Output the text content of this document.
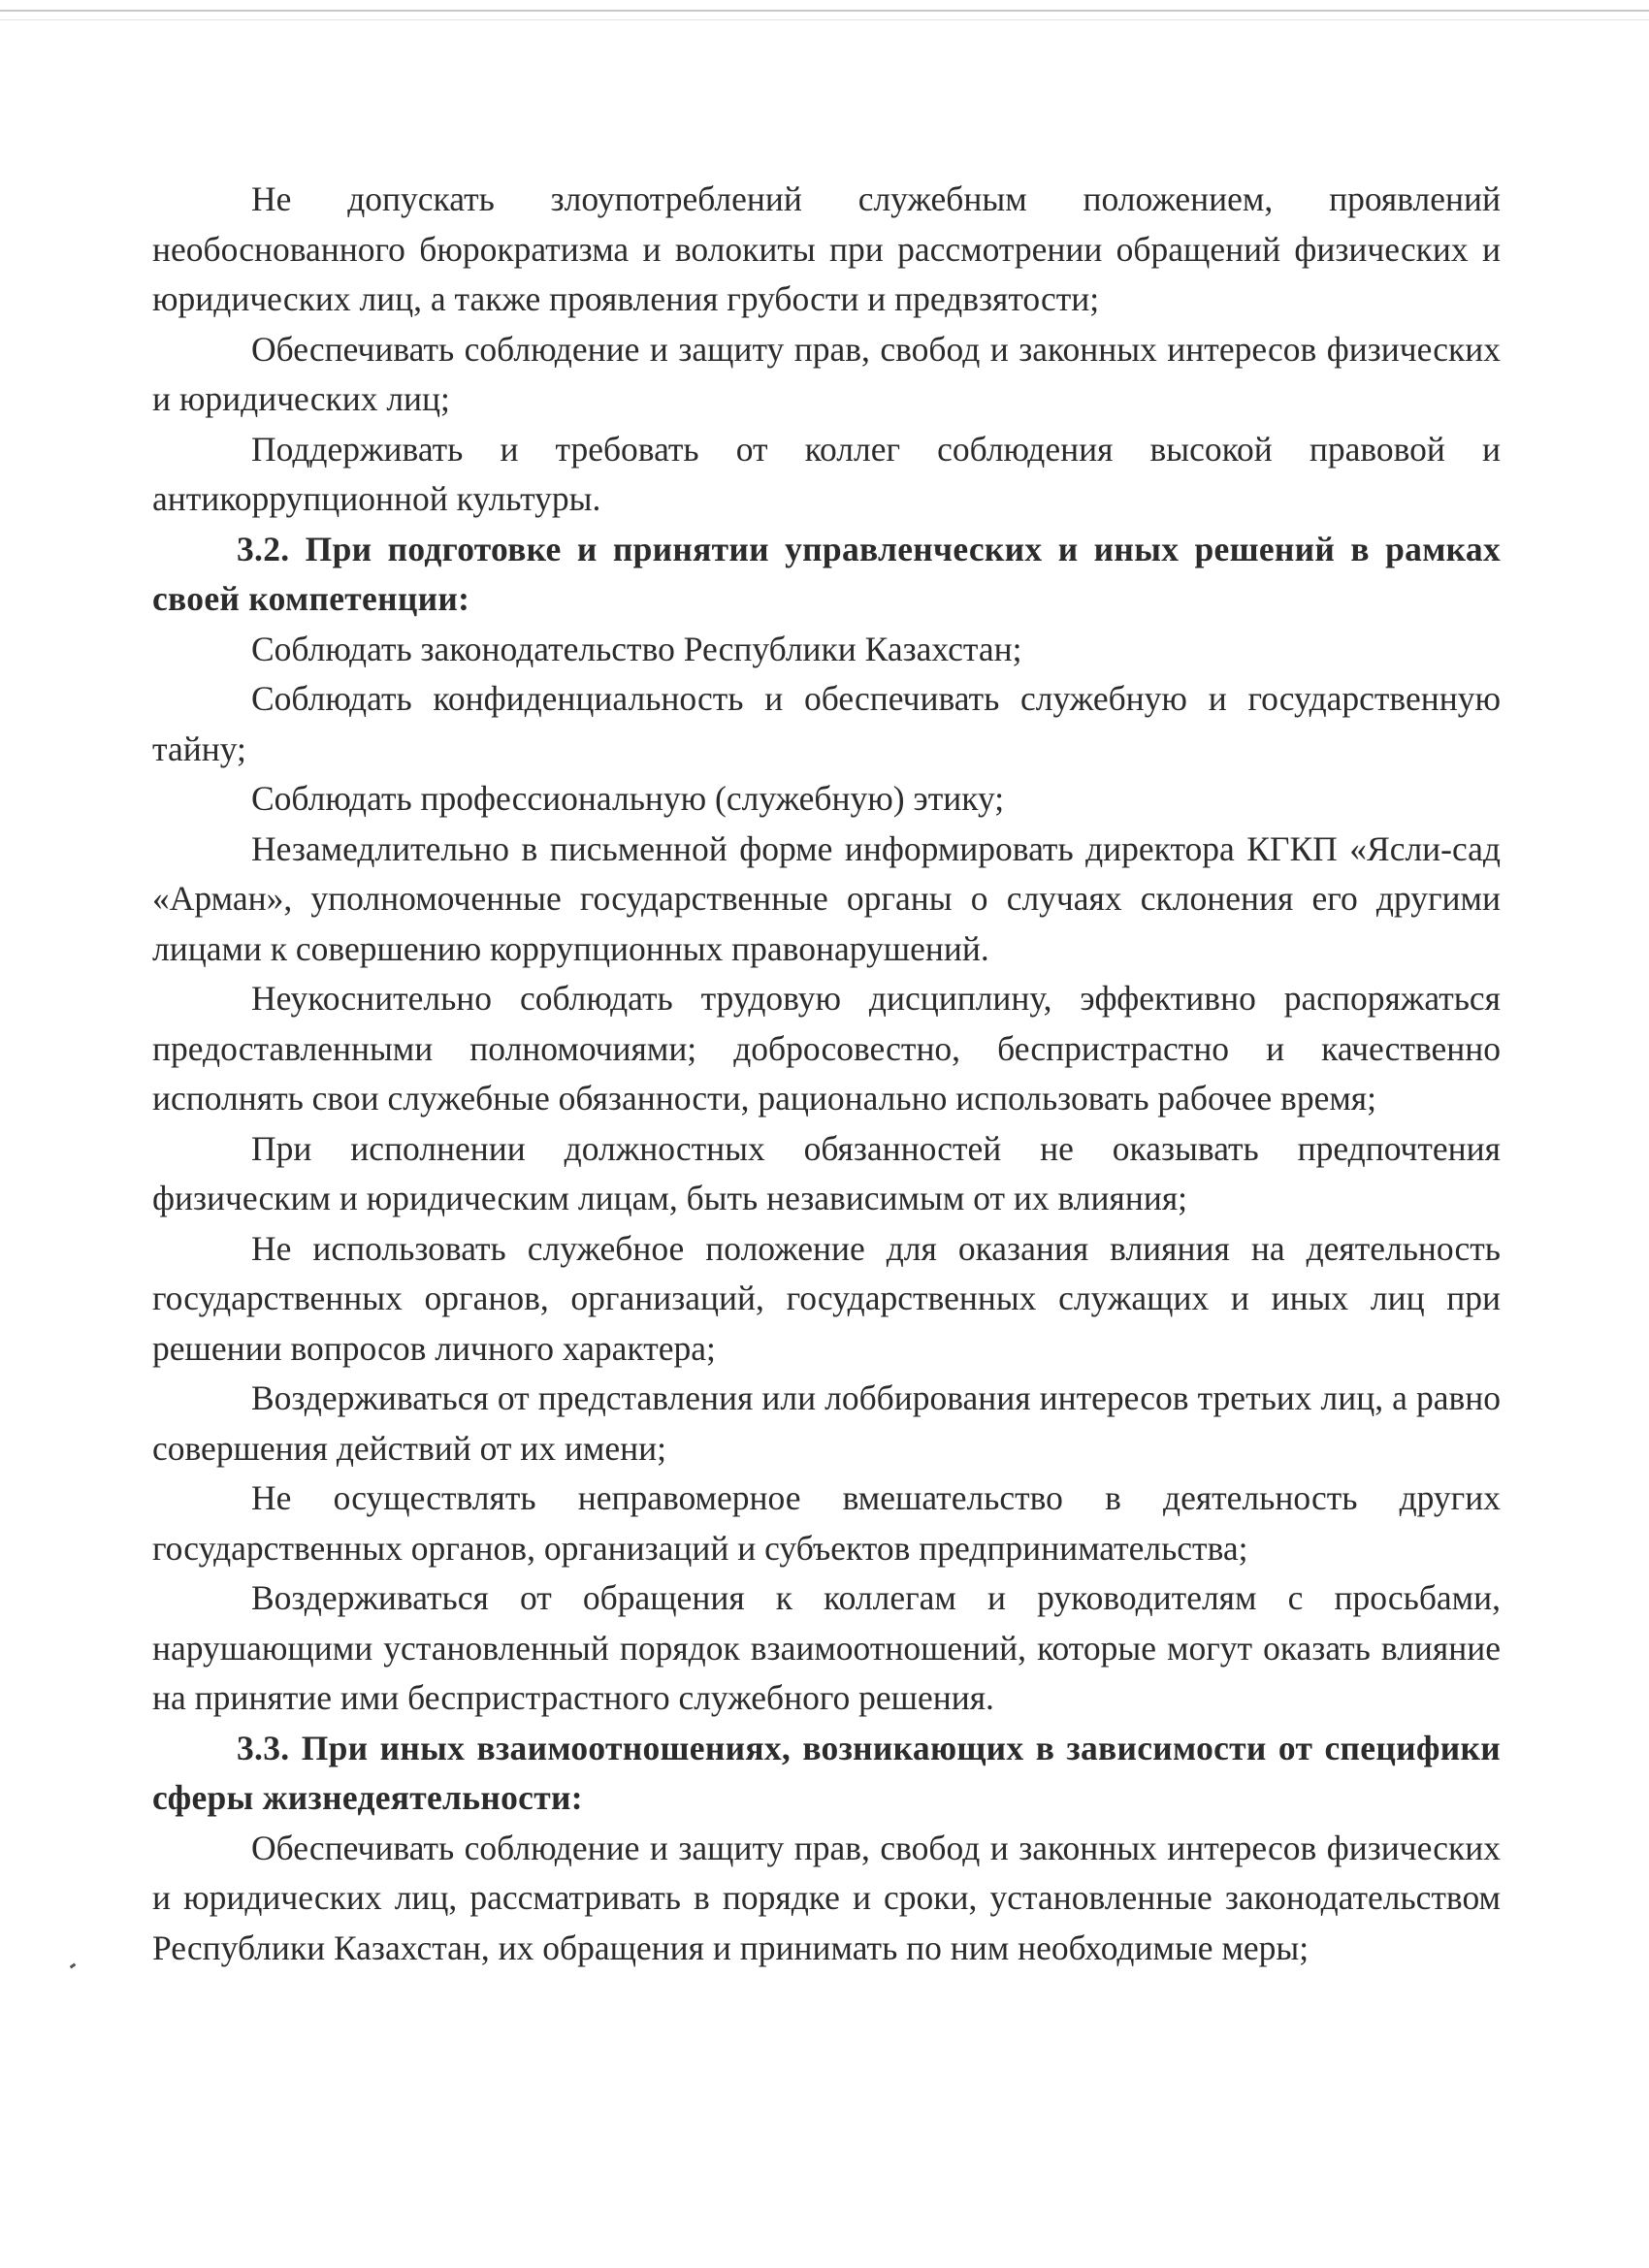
Не допускать злоупотреблений служебным положением, проявлений необоснованного бюрократизма и волокиты при рассмотрении обращений физических и юридических лиц, а также проявления грубости и предвзятости;

Обеспечивать соблюдение и защиту прав, свобод и законных интересов физических и юридических лиц;

Поддерживать и требовать от коллег соблюдения высокой правовой и антикоррупционной культуры.

3.2. При подготовке и принятии управленческих и иных решений в рамках своей компетенции:

Соблюдать законодательство Республики Казахстан;

Соблюдать конфиденциальность и обеспечивать служебную и государственную тайну;

Соблюдать профессиональную (служебную) этику;

Незамедлительно в письменной форме информировать директора КГКП «Ясли-сад «Арман», уполномоченные государственные органы о случаях склонения его другими лицами к совершению коррупционных правонарушений.

Неукоснительно соблюдать трудовую дисциплину, эффективно распоряжаться предоставленными полномочиями; добросовестно, беспристрастно и качественно исполнять свои служебные обязанности, рационально использовать рабочее время;

При исполнении должностных обязанностей не оказывать предпочтения физическим и юридическим лицам, быть независимым от их влияния;

Не использовать служебное положение для оказания влияния на деятельность государственных органов, организаций, государственных служащих и иных лиц при решении вопросов личного характера;

Воздерживаться от представления или лоббирования интересов третьих лиц, а равно совершения действий от их имени;

Не осуществлять неправомерное вмешательство в деятельность других государственных органов, организаций и субъектов предпринимательства;

Воздерживаться от обращения к коллегам и руководителям с просьбами, нарушающими установленный порядок взаимоотношений, которые могут оказать влияние на принятие ими беспристрастного служебного решения.

3.3. При иных взаимоотношениях, возникающих в зависимости от специфики сферы жизнедеятельности:

Обеспечивать соблюдение и защиту прав, свобод и законных интересов физических и юридических лиц, рассматривать в порядке и сроки, установленные законодательством Республики Казахстан, их обращения и принимать по ним необходимые меры;
